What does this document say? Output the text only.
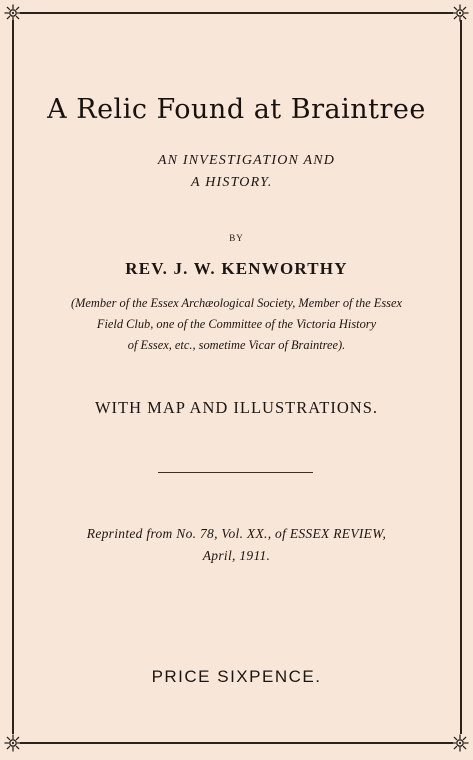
A Relic Found at Braintree
AN INVESTIGATION AND
A HISTORY.
BY
REV. J. W. KENWORTHY
(Member of the Essex Archæological Society, Member of the Essex
Field Club, one of the Committee of the Victoria History
of Essex, etc., sometime Vicar of Braintree).
WITH MAP AND ILLUSTRATIONS.
Reprinted from No. 78, Vol. XX., of ESSEX REVIEW,
April, 1911.
PRICE SIXPENCE.
